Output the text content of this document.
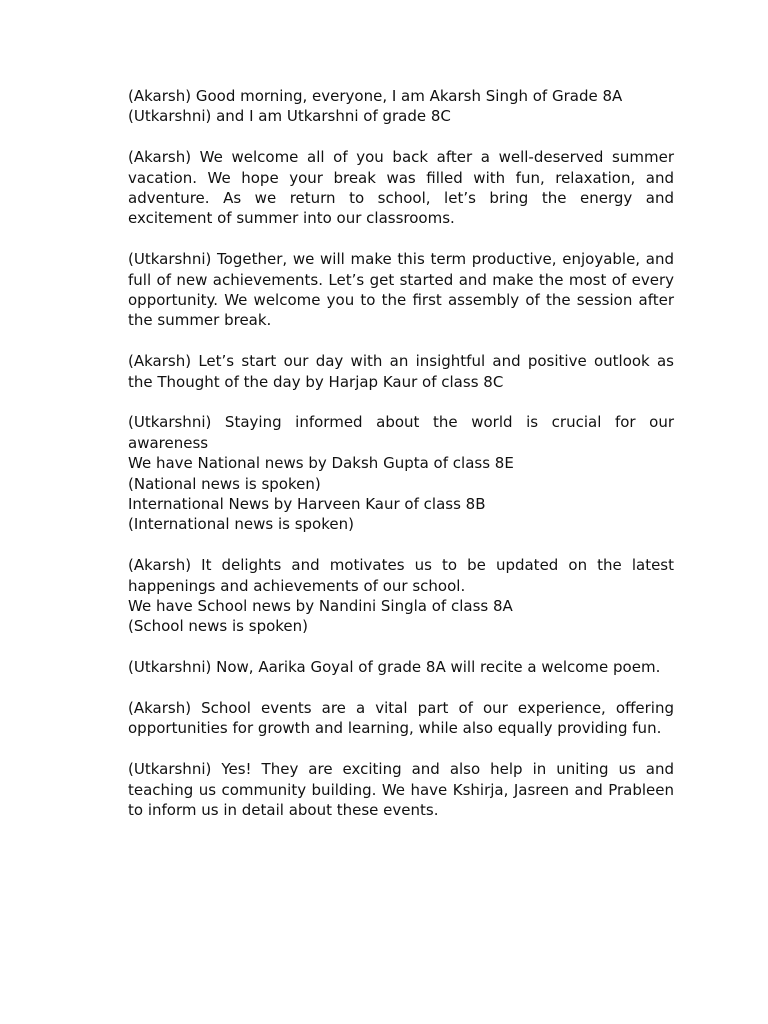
(Akarsh) Good morning, everyone, I am Akarsh Singh of Grade 8A
(Utkarshni) and I am Utkarshni of grade 8C
(Akarsh) We welcome all of you back after a well-deserved summer vacation. We hope your break was filled with fun, relaxation, and adventure. As we return to school, let’s bring the energy and excitement of summer into our classrooms.
(Utkarshni) Together, we will make this term productive, enjoyable, and full of new achievements. Let’s get started and make the most of every opportunity. We welcome you to the first assembly of the session after the summer break.
(Akarsh) Let’s start our day with an insightful and positive outlook as the Thought of the day by Harjap Kaur of class 8C
(Utkarshni) Staying informed about the world is crucial for our awareness
We have National news by Daksh Gupta of class 8E
(National news is spoken)
International News by Harveen Kaur of class 8B
(International news is spoken)
(Akarsh) It delights and motivates us to be updated on the latest happenings and achievements of our school.
We have School news by Nandini Singla of class 8A
(School news is spoken)
(Utkarshni) Now, Aarika Goyal of grade 8A will recite a welcome poem.
(Akarsh) School events are a vital part of our experience, offering opportunities for growth and learning, while also equally providing fun.
(Utkarshni) Yes! They are exciting and also help in uniting us and teaching us community building. We have Kshirja, Jasreen and Prableen to inform us in detail about these events.
